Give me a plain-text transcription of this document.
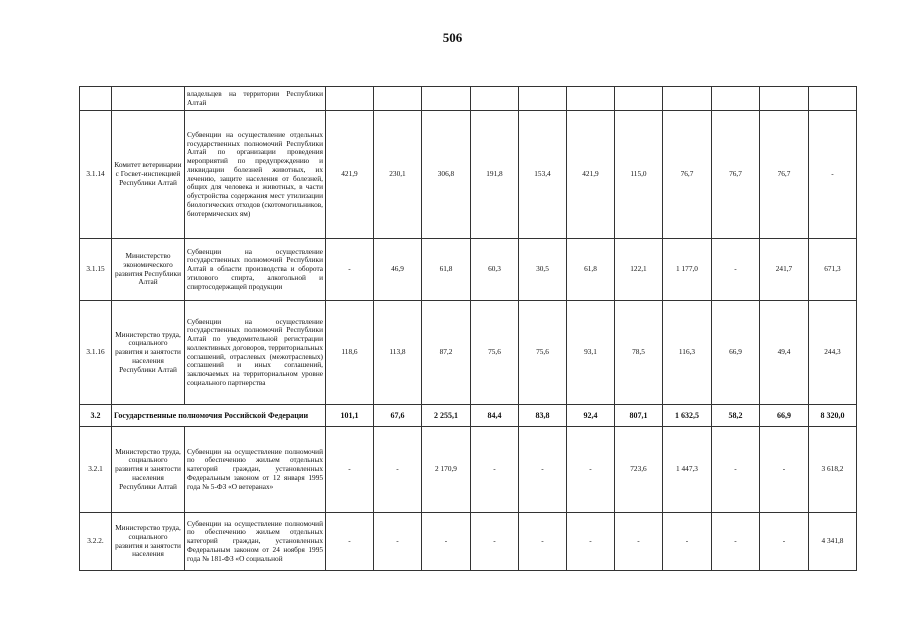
506
		владельцев на территории Республики Алтай											
3.1.14	Комитет ветеринарии с Госвет-инспекцией Республики Алтай	Субвенции на осуществление отдельных государственных полномочий Республики Алтай по организации проведения мероприятий по предупреждению и ликвидации болезней животных, их лечению, защите населения от болезней, общих для человека и животных, в части обустройства содержания мест утилизации биологических отходов (скотомогильников, биотермических ям)	421,9	230,1	306,8	191,8	153,4	421,9	115,0	76,7	76,7	76,7	-
3.1.15	Министерство экономического развития Республики Алтай	Субвенции на осуществление государственных полномочий Республики Алтай в области производства и оборота этилового спирта, алкогольной и спиртосодержащей продукции	-	46,9	61,8	60,3	30,5	61,8	122,1	1 177,0	-	241,7	671,3
3.1.16	Министерство труда, социального развития и занятости населения Республики Алтай	Субвенции на осуществление государственных полномочий Республики Алтай по уведомительной регистрации коллективных договоров, территориальных соглашений, отраслевых (межотраслевых) соглашений и иных соглашений, заключаемых на территориальном уровне социального партнерства	118,6	113,8	87,2	75,6	75,6	93,1	78,5	116,3	66,9	49,4	244,3
3.2	Государственные полномочия Российской Федерации		101,1	67,6	2 255,1	84,4	83,8	92,4	807,1	1 632,5	58,2	66,9	8 320,0
3.2.1	Министерство труда, социального развития и занятости населения Республики Алтай	Субвенции на осуществление полномочий по обеспечению жильем отдельных категорий граждан, установленных Федеральным законом от 12 января 1995 года № 5-ФЗ «О ветеранах»	-	-	2 170,9	-	-	-	723,6	1 447,3	-	-	3 618,2
3.2.2.	Министерство труда, социального развития и занятости населения	Субвенции на осуществление полномочий по обеспечению жильем отдельных категорий граждан, установленных Федеральным законом от 24 ноября 1995 года № 181-ФЗ «О социальной	-	-	-	-	-	-	-	-	-	-	4 341,8
